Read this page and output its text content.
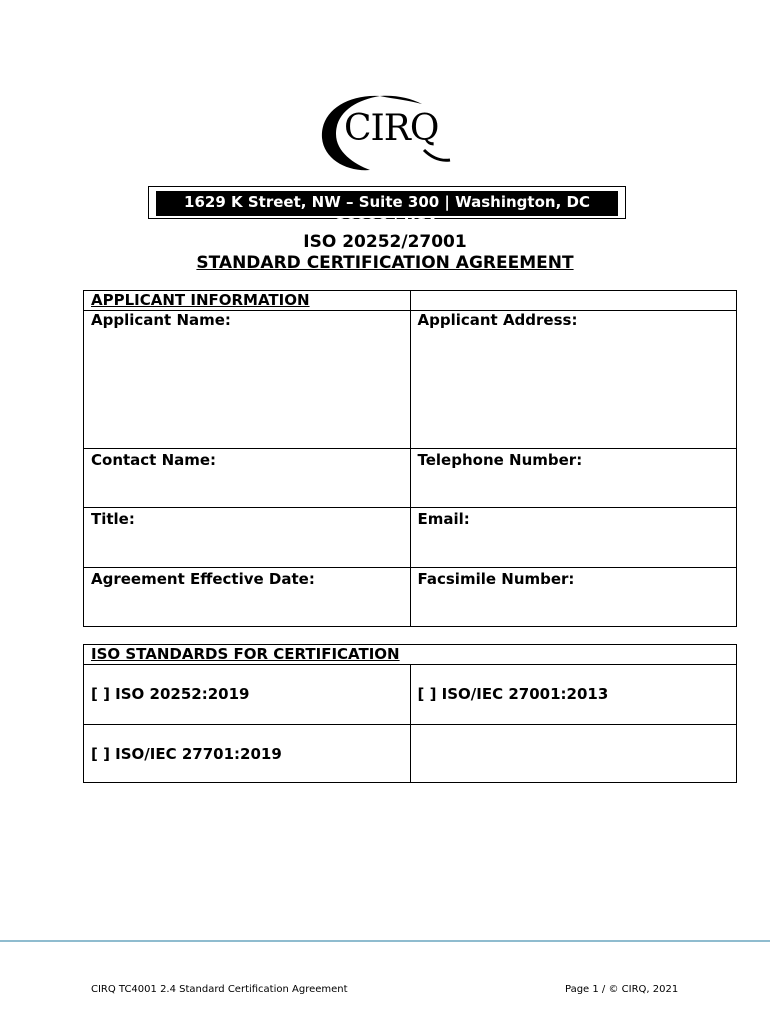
CIRQ
1629 K Street, NW – Suite 300 | Washington, DC 20006 | USA
ISO 20252/27001
STANDARD CERTIFICATION AGREEMENT
APPLICANT INFORMATION	
Applicant Name:	Applicant Address:
Contact Name:	Telephone Number:
Title:	Email:
Agreement Effective Date:	Facsimile Number:
ISO STANDARDS FOR CERTIFICATION	
[ ] ISO 20252:2019	[ ] ISO/IEC 27001:2013
[ ] ISO/IEC 27701:2019	
CIRQ TC4001 2.4 Standard Certification Agreement	Page 1 / © CIRQ, 2021
